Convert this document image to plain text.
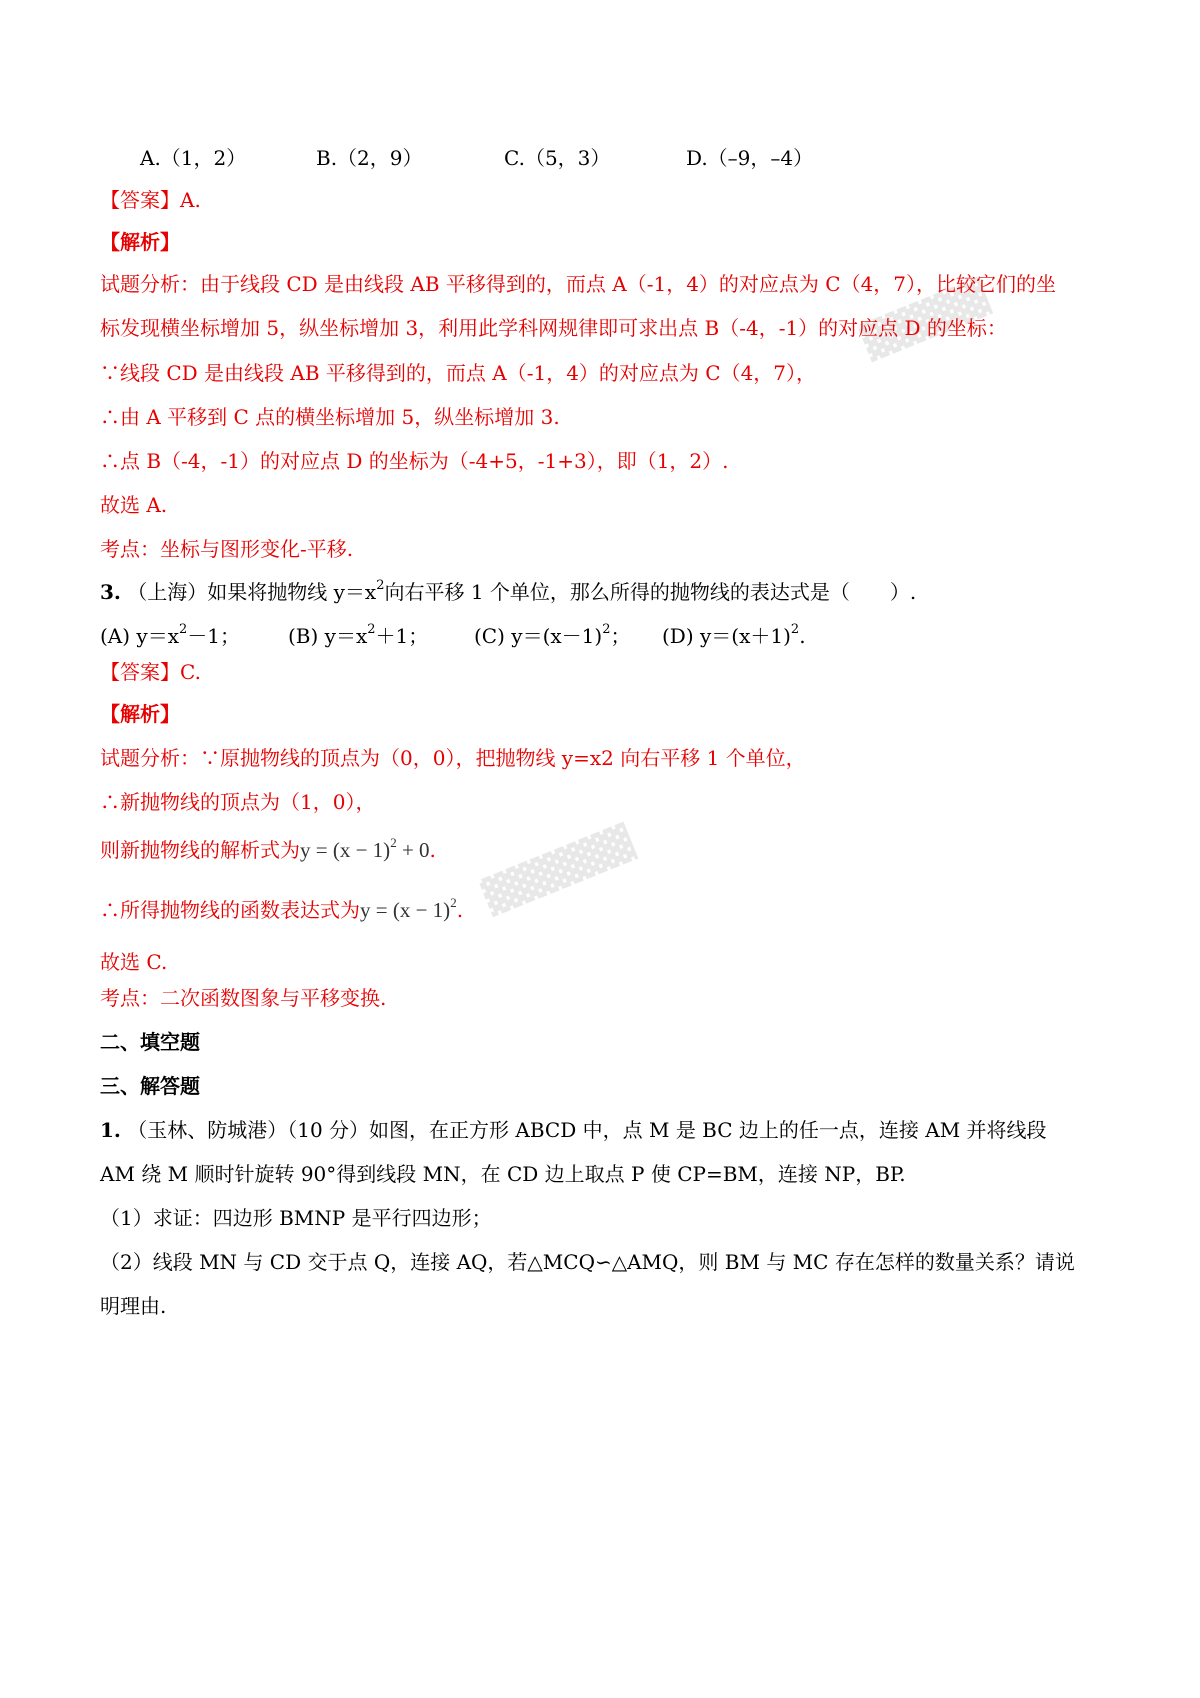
▓▓▓▓▓
▓▓▓▓▓▓
A.（1，2）	B.（2，9）	C.（5，3）	D.（–9，–4）
【答案】A.
【解析】
试题分析：由于线段 CD 是由线段 AB 平移得到的，而点 A（-1，4）的对应点为 C（4，7），比较它们的坐
标发现横坐标增加 5，纵坐标增加 3，利用此学科网规律即可求出点 B（-4，-1）的对应点 D 的坐标：
∵线段 CD 是由线段 AB 平移得到的，而点 A（-1，4）的对应点为 C（4，7），
∴由 A 平移到 C 点的横坐标增加 5，纵坐标增加 3.
∴点 B（-4，-1）的对应点 D 的坐标为（-4+5，-1+3），即（1，2）.
故选 A.
考点：坐标与图形变化-平移.
3. （上海）如果将抛物线 $y=x^2$向右平移 1 个单位，那么所得的抛物线的表达式是（　　）.
(A) $y=x^2-1$； (B) $y=x^2+1$； (C) $y=(x-1)^2$； (D) $y=(x+1)^2$.
【答案】C.
【解析】
试题分析：∵原抛物线的顶点为（0，0），把抛物线 y=x2 向右平移 1 个单位，
∴新抛物线的顶点为（1，0），
则新抛物线的解析式为$y = (x - 1)^2 + 0$.
∴所得抛物线的函数表达式为$y = (x - 1)^2$.
故选 C.
考点：二次函数图象与平移变换.
二、填空题
三、解答题
1. （玉林、防城港）（10 分）如图，在正方形 ABCD 中，点 M 是 BC 边上的任一点，连接 AM 并将线段
AM 绕 M 顺时针旋转 90°得到线段 MN，在 CD 边上取点 P 使 CP=BM，连接 NP，BP.
（1）求证：四边形 BMNP 是平行四边形；
（2）线段 MN 与 CD 交于点 Q，连接 AQ，若△MCQ∽△AMQ，则 BM 与 MC 存在怎样的数量关系？请说
明理由.
